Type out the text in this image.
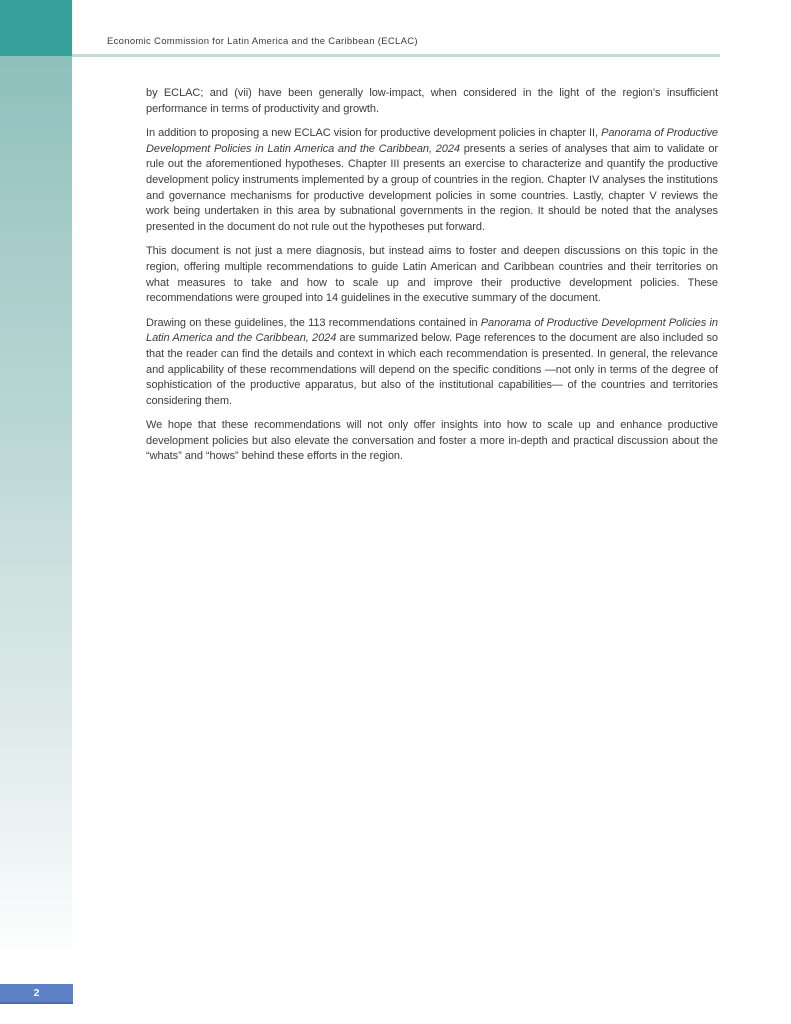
Economic Commission for Latin America and the Caribbean (ECLAC)

by ECLAC; and (vii) have been generally low-impact, when considered in the light of the region’s insufficient performance in terms of productivity and growth.

In addition to proposing a new ECLAC vision for productive development policies in chapter II, Panorama of Productive Development Policies in Latin America and the Caribbean, 2024 presents a series of analyses that aim to validate or rule out the aforementioned hypotheses. Chapter III presents an exercise to characterize and quantify the productive development policy instruments implemented by a group of countries in the region. Chapter IV analyses the institutions and governance mechanisms for productive development policies in some countries. Lastly, chapter V reviews the work being undertaken in this area by subnational governments in the region. It should be noted that the analyses presented in the document do not rule out the hypotheses put forward.

This document is not just a mere diagnosis, but instead aims to foster and deepen discussions on this topic in the region, offering multiple recommendations to guide Latin American and Caribbean countries and their territories on what measures to take and how to scale up and improve their productive development policies. These recommendations were grouped into 14 guidelines in the executive summary of the document.

Drawing on these guidelines, the 113 recommendations contained in Panorama of Productive Development Policies in Latin America and the Caribbean, 2024 are summarized below. Page references to the document are also included so that the reader can find the details and context in which each recommendation is presented. In general, the relevance and applicability of these recommendations will depend on the specific conditions —not only in terms of the degree of sophistication of the productive apparatus, but also of the institutional capabilities— of the countries and territories considering them.

We hope that these recommendations will not only offer insights into how to scale up and enhance productive development policies but also elevate the conversation and foster a more in-depth and practical discussion about the “whats” and “hows” behind these efforts in the region.

2
